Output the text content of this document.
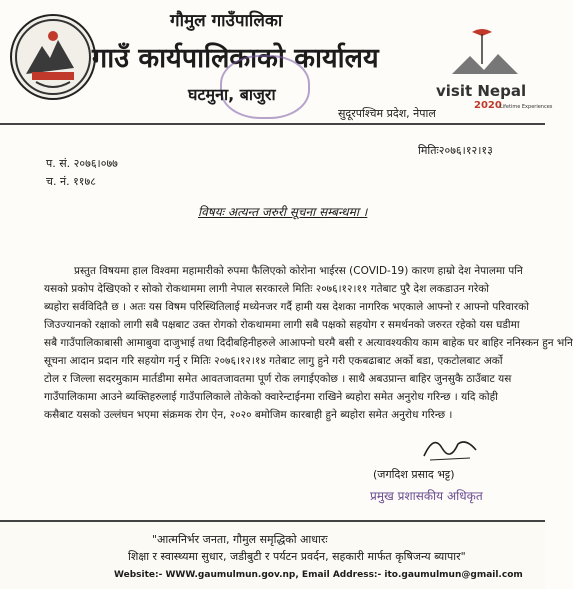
गौमुल गाउँपालिका
गाउँ कार्यपालिकाको कार्यालय
घटमुना, बाजुरा
सुदूरपश्चिम प्रदेश, नेपाल
visit Nepal
2020
Lifetime Experiences
मितिः२०७६।१२।१३
प. सं. २०७६।०७७
च. नं. ११७८
विषयः अत्यन्त जरुरी सूचना सम्बन्धमा ।
प्रस्तुत विषयमा हाल विश्वमा महामारीको रुपमा फैलिएको कोरोना भाईरस (COVID-19) कारण हाम्रो देश नेपालमा पनि
यसको प्रकोप देखिएको र सोको रोकथाममा लागी नेपाल सरकारले मितिः २०७६।१२।११ गतेबाट पुरै देश लकडाउन गरेको
ब्यहोरा सर्वविदितै छ । अतः यस विषम परिस्थितिलाई मध्येनजर गर्दै हामी यस देशका नागरिक भएकाले आफ्नो र आफ्नो परिवारको
जिउज्यानको रक्षाको लागी सबै पक्षबाट उक्त रोगको रोकथाममा लागी सबै पक्षको सहयोग र समर्थनको जरुरत रहेको यस घडीमा
सबै गाउँपालिकाबासी आमाबुवा दाजुभाई तथा दिदीबहिनीहरुले आआफ्नो घरमै बसी र अत्यावश्यकीय काम बाहेक घर बाहिर ननिस्कन हुन भनि
सूचना आदान प्रदान गरि सहयोग गर्नु र मितिः २०७६।१२।१४ गतेबाट लागु हुने गरी एकबढाबाट अर्को बडा, एकटोलबाट अर्को
टोल र जिल्ला सदरमुकाम मार्तडीमा समेत आवतजावतमा पूर्ण रोक लगाईएकोछ । साथै अबउप्रान्त बाहिर जुनसुकै ठाउँबाट यस
गाउँपालिकामा आउने ब्यक्तिहरुलाई गाउँपालिकाले तोकेको क्वारेन्टाईनमा राखिने ब्यहोरा समेत अनुरोध गरिन्छ । यदि कोही
कसैबाट यसको उल्लंघन भएमा संक्रमक रोग ऐन, २०२० बमोजिम कारबाही हुने ब्यहोरा समेत अनुरोध गरिन्छ ।
(जगदिश प्रसाद भट्ट)
प्रमुख प्रशासकीय अधिकृत
"आत्मनिर्भर जनता, गौमुल समृद्धिको आधारः
शिक्षा र स्वास्थ्यमा सुधार, जडीबुटी र पर्यटन प्रवर्दन, सहकारी मार्फत कृषिजन्य ब्यापार"
Website:- WWW.gaumulmun.gov.np, Email Address:- ito.gaumulmun@gmail.com
